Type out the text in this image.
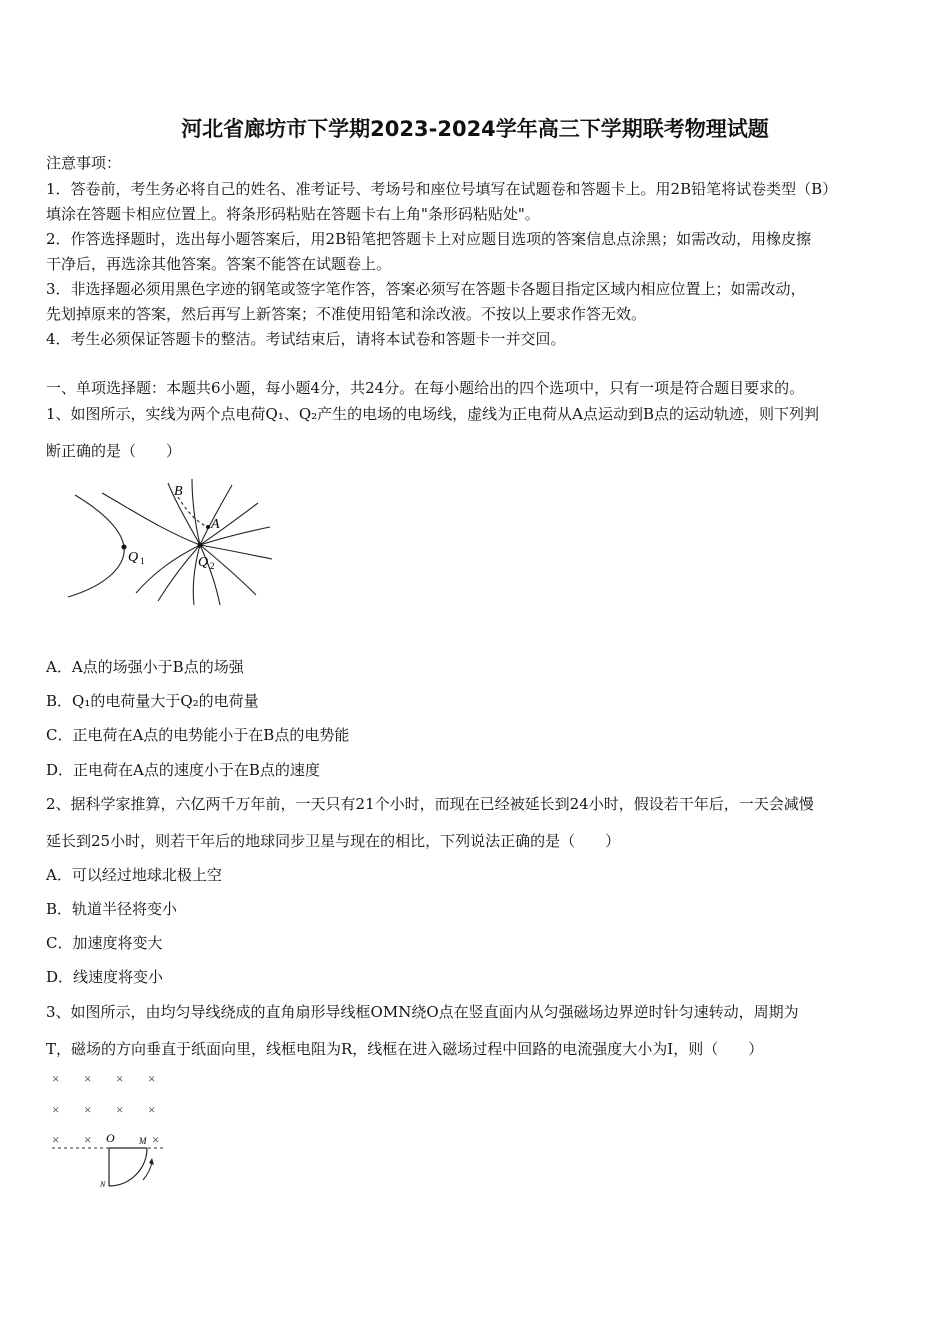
河北省廊坊市下学期2023-2024学年高三下学期联考物理试题
注意事项：
1．答卷前，考生务必将自己的姓名、准考证号、考场号和座位号填写在试题卷和答题卡上。用2B铅笔将试卷类型（B）
填涂在答题卡相应位置上。将条形码粘贴在答题卡右上角"条形码粘贴处"。
2．作答选择题时，选出每小题答案后，用2B铅笔把答题卡上对应题目选项的答案信息点涂黑；如需改动，用橡皮擦
干净后，再选涂其他答案。答案不能答在试题卷上。
3．非选择题必须用黑色字迹的钢笔或签字笔作答，答案必须写在答题卡各题目指定区域内相应位置上；如需改动，
先划掉原来的答案，然后再写上新答案；不准使用铅笔和涂改液。不按以上要求作答无效。
4．考生必须保证答题卡的整洁。考试结束后，请将本试卷和答题卡一并交回。
一、单项选择题：本题共6小题，每小题4分，共24分。在每小题给出的四个选项中，只有一项是符合题目要求的。
1、如图所示，实线为两个点电荷Q₁、Q₂产生的电场的电场线，虚线为正电荷从A点运动到B点的运动轨迹，则下列判
断正确的是（　　）
B
A
Q 1	Q 2
A．A点的场强小于B点的场强
B．Q₁的电荷量大于Q₂的电荷量
C．正电荷在A点的电势能小于在B点的电势能
D．正电荷在A点的速度小于在B点的速度
2、据科学家推算，六亿两千万年前，一天只有21个小时，而现在已经被延长到24小时，假设若干年后，一天会减慢
延长到25小时，则若干年后的地球同步卫星与现在的相比，下列说法正确的是（　　）
A．可以经过地球北极上空
B．轨道半径将变小
C．加速度将变大
D．线速度将变小
3、如图所示，由均匀导线绕成的直角扇形导线框OMN绕O点在竖直面内从匀强磁场边界逆时针匀速转动，周期为
T，磁场的方向垂直于纸面向里，线框电阻为R，线框在进入磁场过程中回路的电流强度大小为I，则（　　）
× × × ×
× × × ×
× ×	×
O	M
N
